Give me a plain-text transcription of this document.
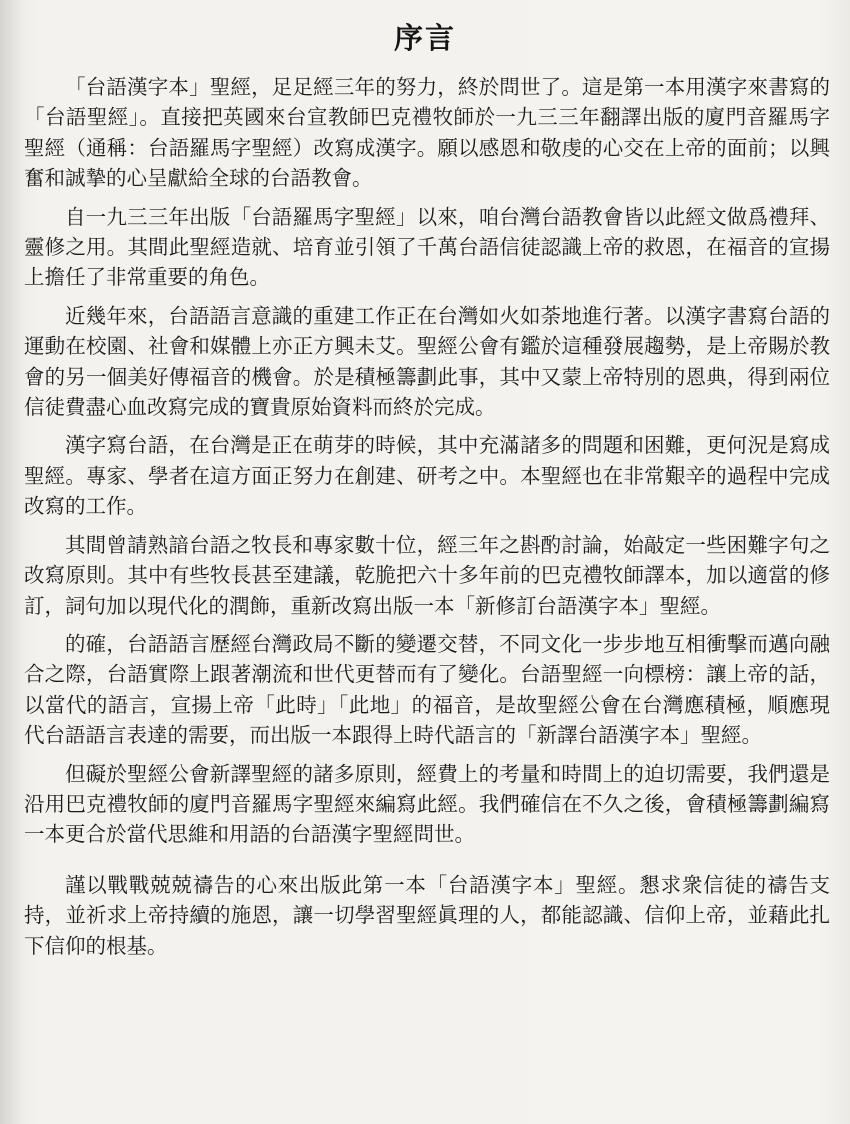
序言

「台語漢字本」聖經，足足經三年的努力，終於問世了。這是第一本用漢字來書寫的「台語聖經」。直接把英國來台宣教師巴克禮牧師於一九三三年翻譯出版的廈門音羅馬字聖經（通稱：台語羅馬字聖經）改寫成漢字。願以感恩和敬虔的心交在上帝的面前；以興奮和誠摯的心呈獻給全球的台語教會。

自一九三三年出版「台語羅馬字聖經」以來，咱台灣台語教會皆以此經文做爲禮拜、靈修之用。其間此聖經造就、培育並引領了千萬台語信徒認識上帝的救恩，在福音的宣揚上擔任了非常重要的角色。

近幾年來，台語語言意識的重建工作正在台灣如火如荼地進行著。以漢字書寫台語的運動在校園、社會和媒體上亦正方興未艾。聖經公會有鑑於這種發展趨勢，是上帝賜於教會的另一個美好傳福音的機會。於是積極籌劃此事，其中又蒙上帝特別的恩典，得到兩位信徒費盡心血改寫完成的寶貴原始資料而終於完成。

漢字寫台語，在台灣是正在萌芽的時候，其中充滿諸多的問題和困難，更何況是寫成聖經。專家、學者在這方面正努力在創建、研考之中。本聖經也在非常艱辛的過程中完成改寫的工作。

其間曾請熟諳台語之牧長和專家數十位，經三年之斟酌討論，始敲定一些困難字句之改寫原則。其中有些牧長甚至建議，乾脆把六十多年前的巴克禮牧師譯本，加以適當的修訂，詞句加以現代化的潤飾，重新改寫出版一本「新修訂台語漢字本」聖經。

的確，台語語言歷經台灣政局不斷的變遷交替，不同文化一步步地互相衝擊而邁向融合之際，台語實際上跟著潮流和世代更替而有了變化。台語聖經一向標榜：讓上帝的話，以當代的語言，宣揚上帝「此時」「此地」的福音，是故聖經公會在台灣應積極，順應現代台語語言表達的需要，而出版一本跟得上時代語言的「新譯台語漢字本」聖經。

但礙於聖經公會新譯聖經的諸多原則，經費上的考量和時間上的迫切需要，我們還是沿用巴克禮牧師的廈門音羅馬字聖經來編寫此經。我們確信在不久之後，會積極籌劃編寫一本更合於當代思維和用語的台語漢字聖經問世。

謹以戰戰兢兢禱告的心來出版此第一本「台語漢字本」聖經。懇求衆信徒的禱告支持，並祈求上帝持續的施恩，讓一切學習聖經眞理的人，都能認識、信仰上帝，並藉此扎下信仰的根基。
